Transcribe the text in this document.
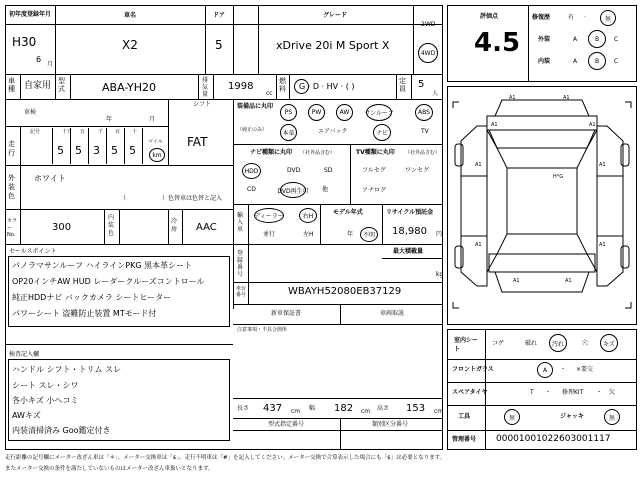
初年度登録年月
H30
6
月
車名
X2
ドア
5
グレード
xDrive 20i M Sport X
2WD
4WD
車種 自家用 型式	ABA-YH20
排気量
1998
cc
燃料 G · D · HV · ( )
定員 5
人
シフト
FAT
車検
年	月
走行
記号	十万 万	千 百 十
5 5 3 5 5
マイル
km
外装色
ホワイト
（　　　　　　）色替車は色替と記入
カラーNo.
300
内装色
冷房 AAC
セールスポイント
パノラマサンルーフ ハイラインPKG 黒本革シート
OP20インチAW HUD レーダークルーズコントロール
純正HDDナビ バックカメラ シートヒーター
パワーシート 盗難防止装置 MTモード付
検査記入欄
ハンドル シフト・トリム スレ
シート スレ・シワ
各小キズ 小ヘコミ
AWキズ
内装清掃済み Goo鑑定付き
装備品に丸印
（純正のみ）
PS	PW	AW	サンルーフ	ABS
本革	エアバック	ナビ	TV
ナビ種類に丸印 （社外品含む）
HDD	DVD	SD
CD	DVD再生可 他
TV種類に丸印 （社外品含む）
フルセグ	ワンセグ
アナログ
輸入車
ディーラー	右H
並行	左H
モデル年式
年	不明
リサイクル預託金
18,980 円
登録番号
最大積載量
kg
車台番号	WBAYH52080EB37129
新車保証書	車両取説
注意事項・不具合箇所
長さ 437 cm 幅 182 cm 高さ 153 cm
型式指定番号	類別区分番号
評価点
4.5
修復歴	有 ·	無
外装	A	B	C
内装	A	B	C
A1	A1
A1	A1
A1	A1
A1	A1
A1	A1
H°G
室内シート
コゲ	破れ	汚れ	穴	キズ
フロントガラス	A	・ ×要交
スペアタイヤ	T ・ 修理KIT ・ 欠
工具	無	ジャッキ	無
管理番号 00001001022603001117
走行距離の記号欄にメーター改ざん車は「＊」、メーター交換車は「$」、走行不明車は「#」を記入してください。メーター交換で合算表示した場合にも「$」は必要となります。
またメーター交換の条件を満たしていないものはメーター改ざん車扱いとなります。
